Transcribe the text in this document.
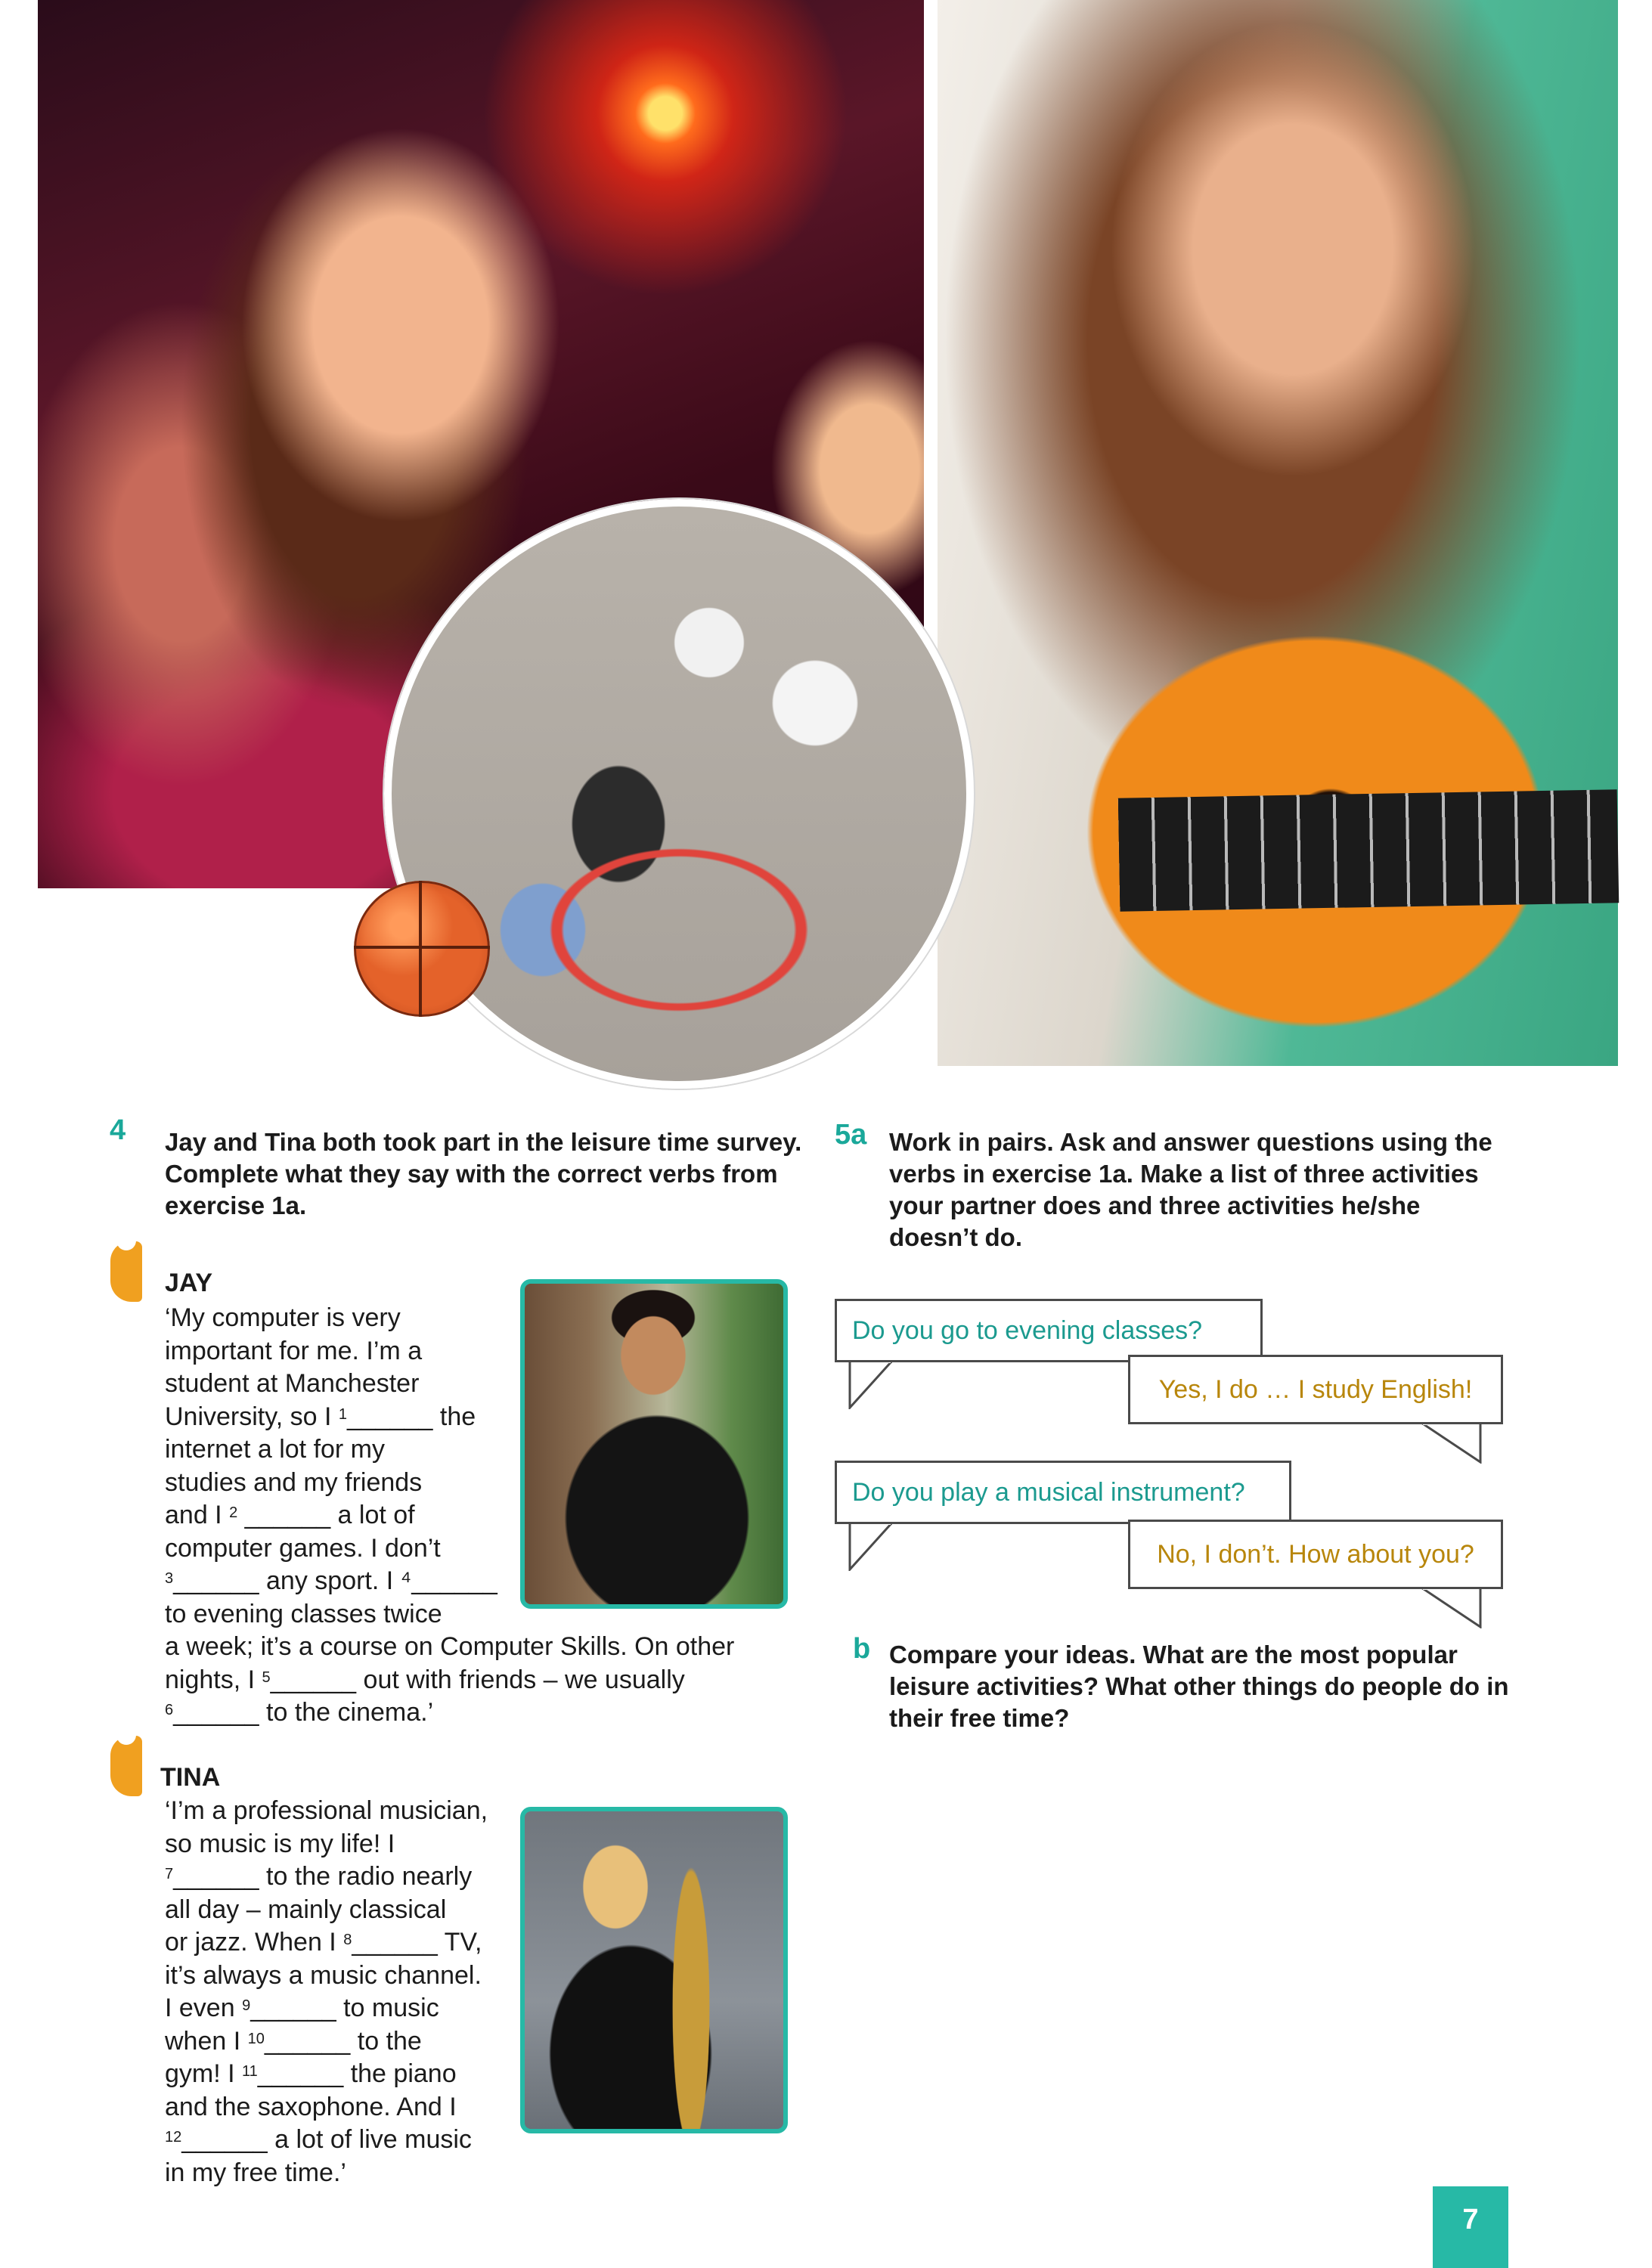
4 Jay and Tina both took part in the leisure time survey.
Complete what they say with the correct verbs from
exercise 1a.
JAY
‘My computer is very
important for me. I’m a
student at Manchester
University, so I $^1$______ the
internet a lot for my
studies and my friends
and I $^2$ ______ a lot of
computer games. I don’t
$^3$______ any sport. I ⁴______
to evening classes twice
a week; it’s a course on Computer Skills. On other
nights, I $^5$______ out with friends – we usually
$^6$______ to the cinema.’
TINA
‘I’m a professional musician,
so music is my life! I
$^7$______ to the radio nearly
all day – mainly classical
or jazz. When I $^8$______ TV,
it’s always a music channel.
I even $^9$______ to music
when I $^{10}$______ to the
gym! I $^{11}$______ the piano
and the saxophone. And I
$^{12}$______ a lot of live music
in my free time.’
5a Work in pairs. Ask and answer questions using the
verbs in exercise 1a. Make a list of three activities
your partner does and three activities he/she
doesn’t do.
Do you go to evening classes?
Yes, I do … I study English!
Do you play a musical instrument?
No, I don’t. How about you?
b Compare your ideas. What are the most popular
leisure activities? What other things do people do in
their free time?
7
